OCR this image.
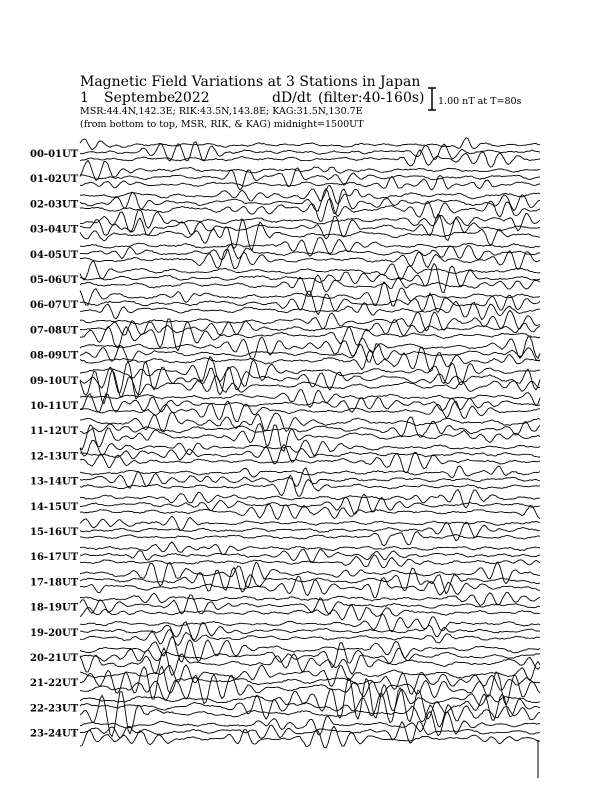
Magnetic Field Variations at 3 Stations in Japan
1 Septembe
2022	dD/dt (filter:40-160s)
MSR:44.4N,142.3E; RIK:43.5N,143.8E; KAG:31.5N,130.7E
(from bottom to top, MSR, RIK, & KAG) midnight=1500UT
1.00 nT at T=80s
00-01UT
01-02UT
02-03UT
03-04UT
04-05UT
05-06UT
06-07UT
07-08UT
08-09UT
09-10UT
10-11UT
11-12UT
12-13UT
13-14UT
14-15UT
15-16UT
16-17UT
17-18UT
18-19UT
19-20UT
20-21UT
21-22UT
22-23UT
23-24UT
